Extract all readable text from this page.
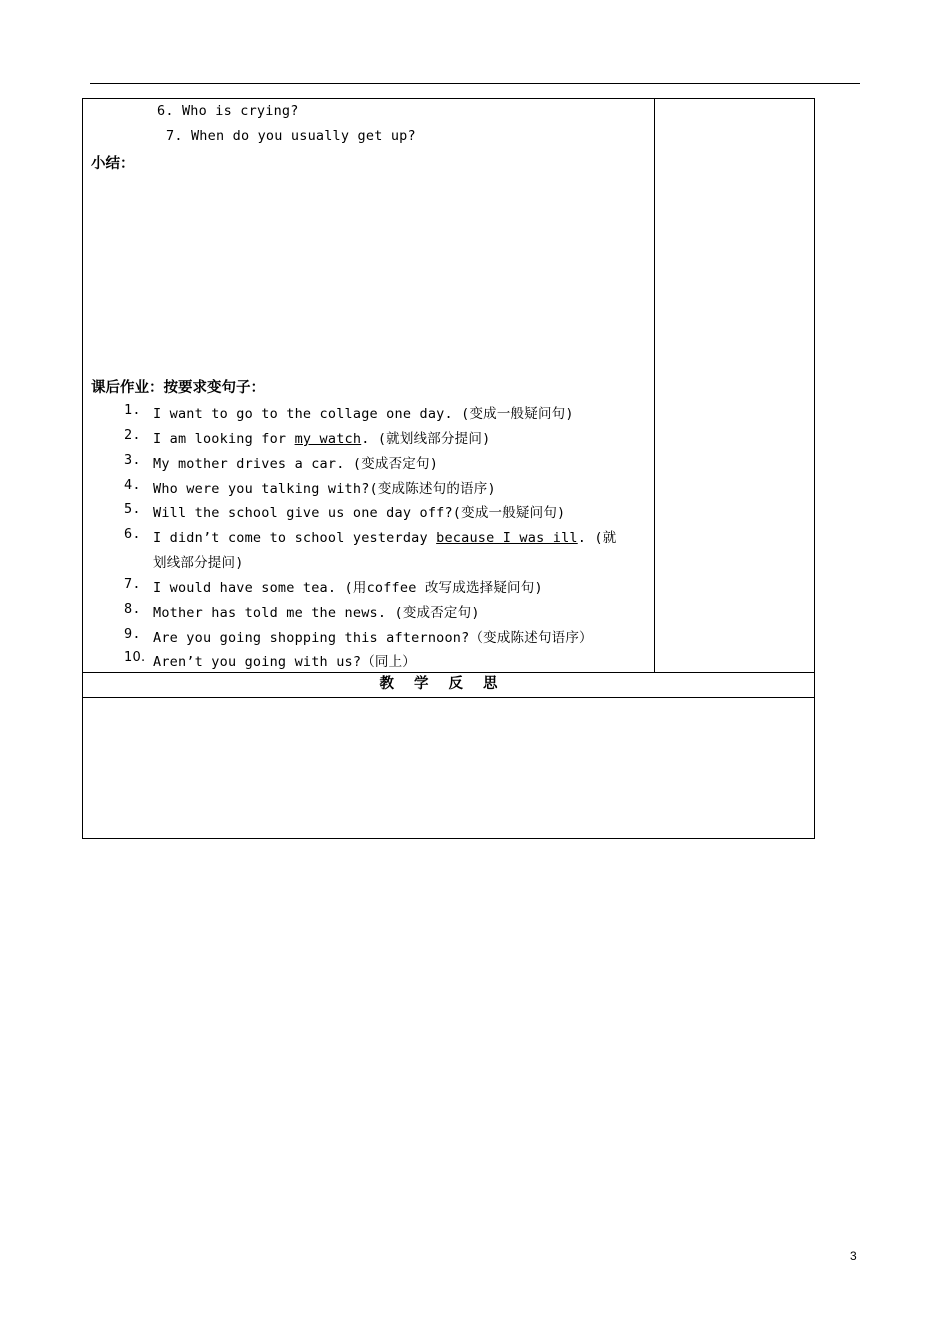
6. Who is crying?
7. When do you usually get up?
小结：
课后作业：按要求变句子：
1. I want to go to the collage one day. (变成一般疑问句)
2. I am looking for my watch. (就划线部分提问)
3. My mother drives a car. (变成否定句)
4. Who were you talking with?(变成陈述句的语序)
5. Will the school give us one day off?(变成一般疑问句)
6. I didn’t come to school yesterday because I was ill. (就
划线部分提问)
7. I would have some tea. (用coffee 改写成选择疑问句)
8. Mother has told me the news. (变成否定句)
9. Are you going shopping this afternoon?（变成陈述句语序）
10. Aren’t you going with us?（同上）
教学反思
3
